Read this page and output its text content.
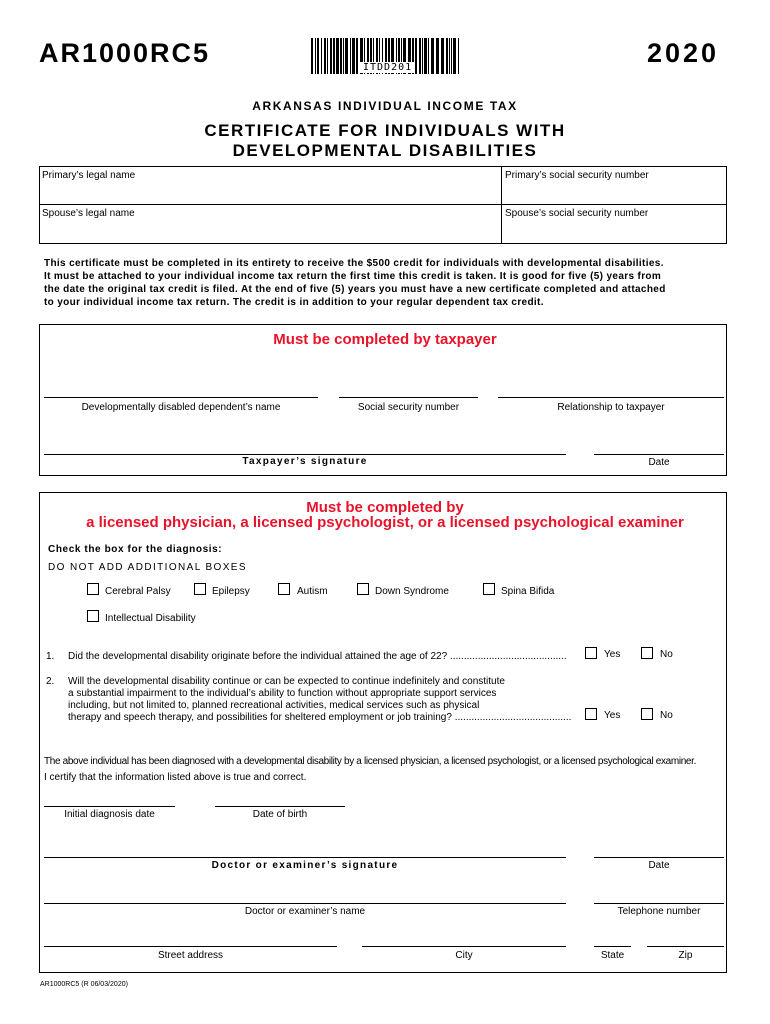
AR1000RC5	ITDD201	2020
ARKANSAS INDIVIDUAL INCOME TAX
CERTIFICATE FOR INDIVIDUALS WITH
DEVELOPMENTAL DISABILITIES
Primary’s legal name	Primary’s social security number
Spouse’s legal name	Spouse’s social security number
This certificate must be completed in its entirety to receive the $500 credit for individuals with developmental disabilities.
It must be attached to your individual income tax return the first time this credit is taken. It is good for five (5) years from
the date the original tax credit is filed. At the end of five (5) years you must have a new certificate completed and attached
to your individual income tax return. The credit is in addition to your regular dependent tax credit.
Must be completed by taxpayer
Developmentally disabled dependent’s name	Social security number	Relationship to taxpayer
Taxpayer’s signature	Date
Must be completed by
a licensed physician, a licensed psychologist, or a licensed psychological examiner
Check the box for the diagnosis:
DO NOT ADD ADDITIONAL BOXES
Cerebral Palsy	Epilepsy	Autism	Down Syndrome	Spina Bifida
Intellectual Disability
1. Did the developmental disability originate before the individual attained the age of 22? ..........................................	Yes	No
2. Will the developmental disability continue or can be expected to continue indefinitely and constitute
a substantial impairment to the individual’s ability to function without appropriate support services
including, but not limited to, planned recreational activities, medical services such as physical
therapy and speech therapy, and possibilities for sheltered employment or job training? ..........................................	Yes	No
The above individual has been diagnosed with a developmental disability by a licensed physician, a licensed psychologist, or a licensed psychological examiner.
I certify that the information listed above is true and correct.
Initial diagnosis date	Date of birth
Doctor or examiner’s signature	Date
Doctor or examiner’s name	Telephone number
Street address	City	State	Zip
AR1000RC5 (R 06/03/2020)
